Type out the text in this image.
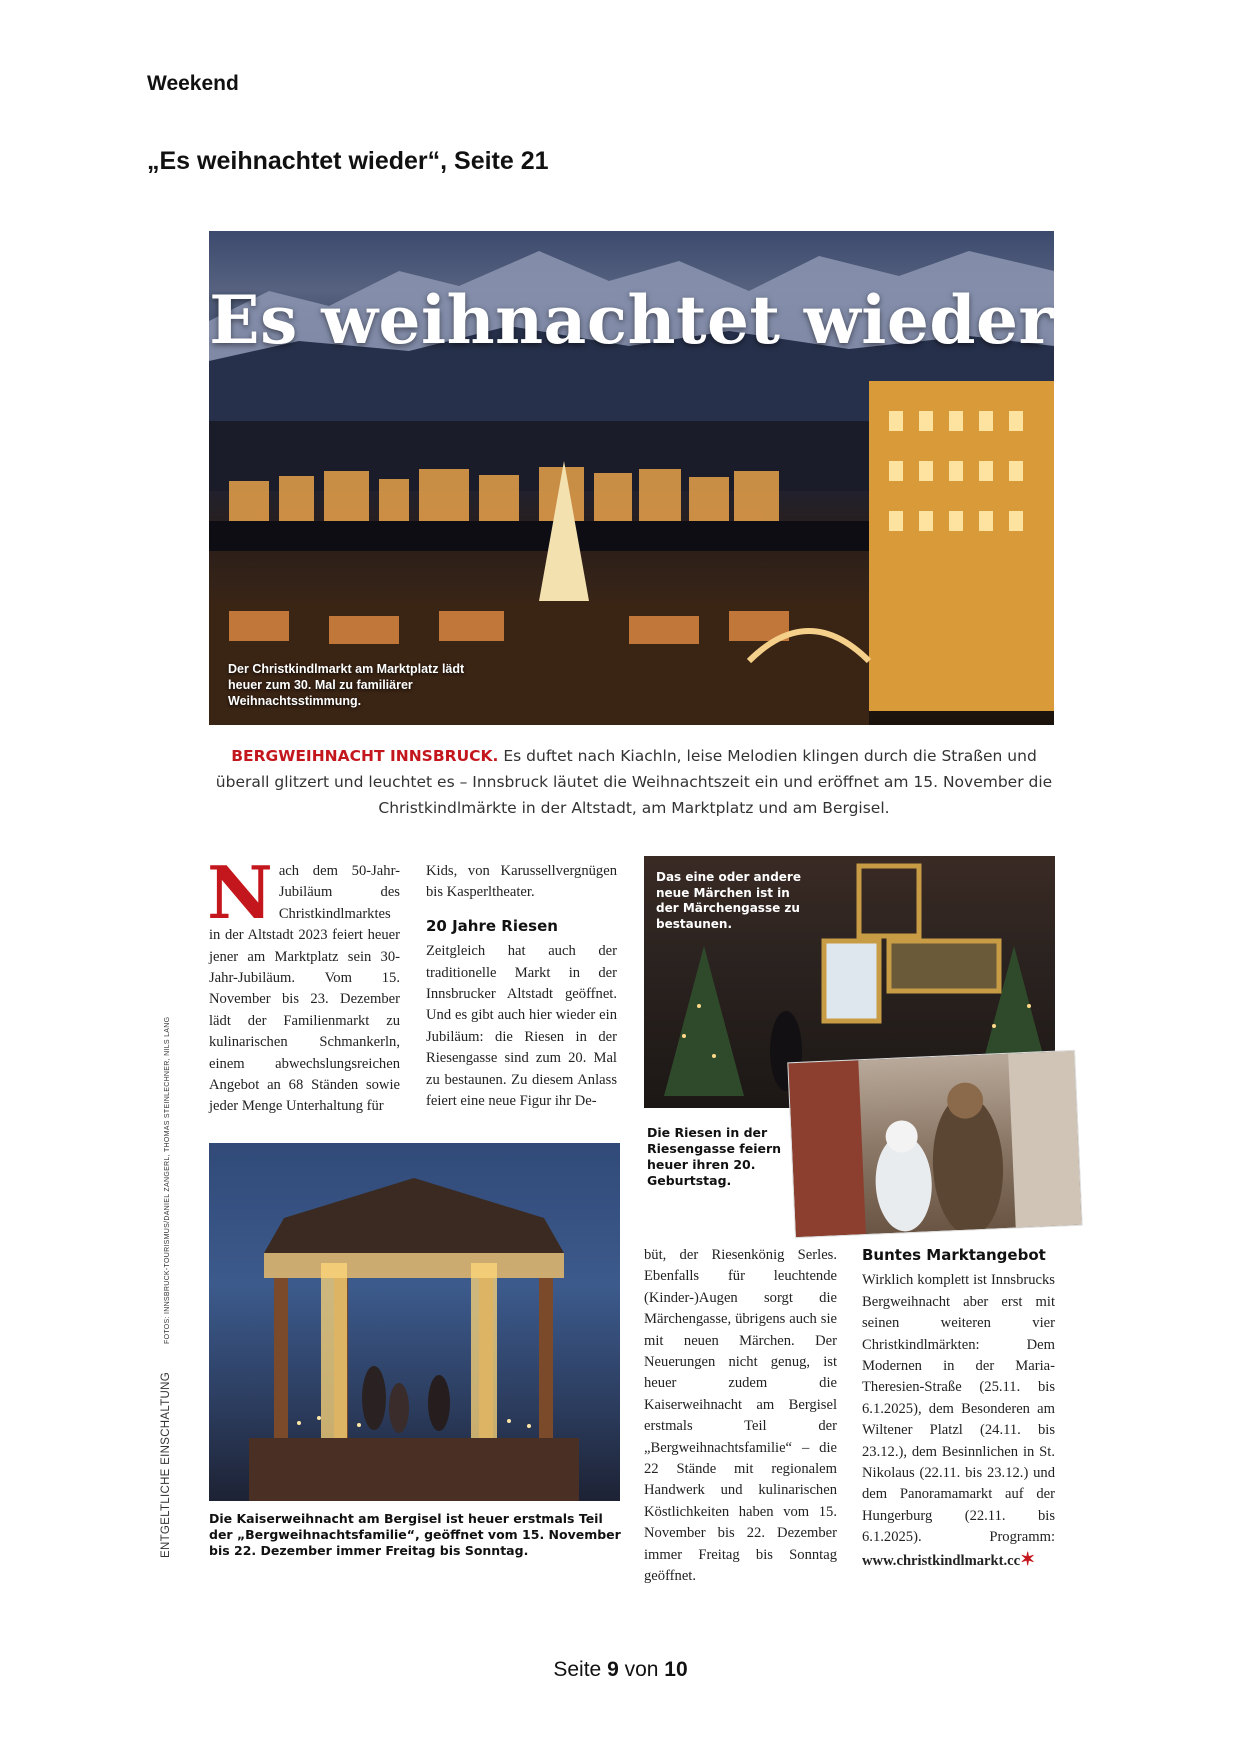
Weekend
„Es weihnachtet wieder“, Seite 21
Es weihnachtet wieder
Der Christkindlmarkt am Marktplatz lädt heuer zum 30. Mal zu familiärer Weihnachtsstimmung.
BERGWEIHNACHT INNSBRUCK. Es duftet nach Kiachln, leise Melodien klingen durch die Straßen und überall glitzert und leuchtet es – Innsbruck läutet die Weihnachtszeit ein und eröffnet am 15. November die Christkindlmärkte in der Altstadt, am Marktplatz und am Bergisel.
N ach dem 50-Jahr-Jubiläum des Christkindlmarktes in der Altstadt 2023 feiert heuer jener am Marktplatz sein 30-Jahr-Jubiläum. Vom 15. November bis 23. Dezember lädt der Familienmarkt zu kulinarischen Schmankerln, einem abwechslungsreichen Angebot an 68 Ständen sowie jeder Menge Unterhaltung für

Kids, von Karussellvergnügen bis Kasperltheater.

20 Jahre Riesen

Zeitgleich hat auch der traditionelle Markt in der Innsbrucker Altstadt geöffnet. Und es gibt auch hier wieder ein Jubiläum: die Riesen in der Riesengasse sind zum 20. Mal zu bestaunen. Zu diesem Anlass feiert eine neue Figur ihr De-

Das eine oder andere neue Märchen ist in der Märchengasse zu bestaunen.
Die Riesen in der Riesengasse feiern heuer ihren 20. Geburtstag.
Die Kaiserweihnacht am Bergisel ist heuer erstmals Teil der „Bergweihnachtsfamilie“, geöffnet vom 15. November bis 22. Dezember immer Freitag bis Sonntag.

büt, der Riesenkönig Serles. Ebenfalls für leuchtende (Kinder-)Augen sorgt die Märchengasse, übrigens auch sie mit neuen Märchen. Der Neuerungen nicht genug, ist heuer zudem die Kaiserweihnacht am Bergisel erstmals Teil der „Bergweihnachtsfamilie“ – die 22 Stände mit regionalem Handwerk und kulinarischen Köstlichkeiten haben vom 15. November bis 22. Dezember immer Freitag bis Sonntag geöffnet.

Buntes Marktangebot

Wirklich komplett ist Innsbrucks Bergweihnacht aber erst mit seinen weiteren vier Christkindlmärkten: Dem Modernen in der Maria-Theresien-Straße (25.11. bis 6.1.2025), dem Besonderen am Wiltener Platzl (24.11. bis 23.12.), dem Besinnlichen in St. Nikolaus (22.11. bis 23.12.) und dem Panoramamarkt auf der Hungerburg (22.11. bis 6.1.2025). Programm: www.christkindlmarkt.cc✶

ENTGELTLICHE EINSCHALTUNGFOTOS: INNSBRUCK-TOURISMUS/DANIEL ZANGERL, THOMAS STEINLECHNER, NILS LANG
Seite 9 von 10
